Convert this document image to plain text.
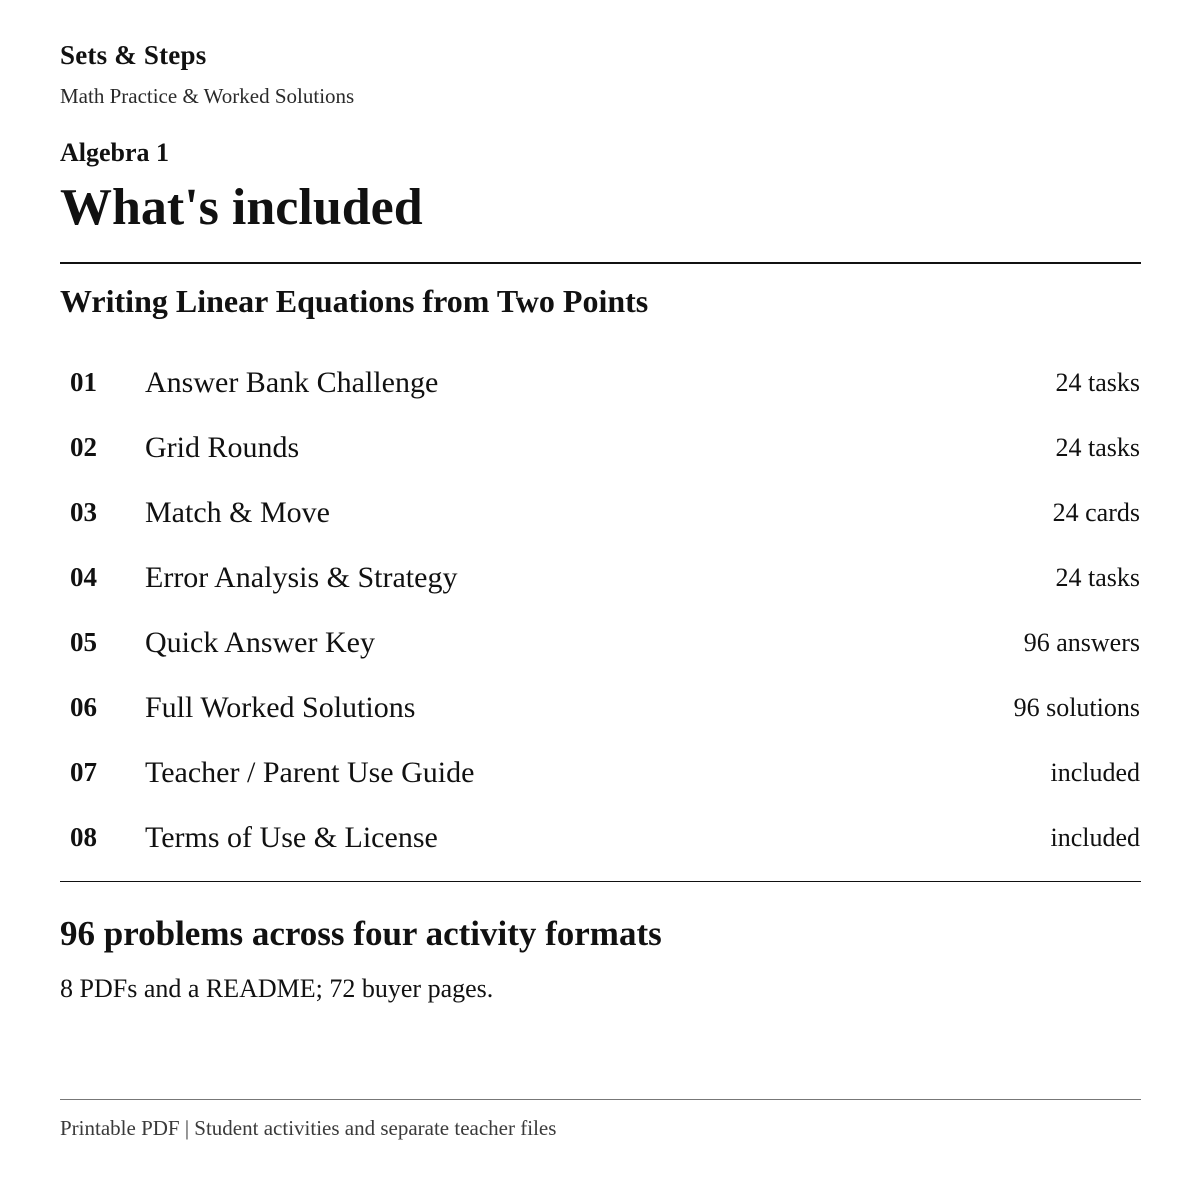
Sets & Steps
Math Practice & Worked Solutions
Algebra 1
What's included
Writing Linear Equations from Two Points
01 Answer Bank Challenge	24 tasks
02 Grid Rounds	24 tasks
03 Match & Move	24 cards
04 Error Analysis & Strategy	24 tasks
05 Quick Answer Key	96 answers
06 Full Worked Solutions	96 solutions
07 Teacher / Parent Use Guide	included
08 Terms of Use & License	included
96 problems across four activity formats
8 PDFs and a README; 72 buyer pages.
Printable PDF | Student activities and separate teacher files
